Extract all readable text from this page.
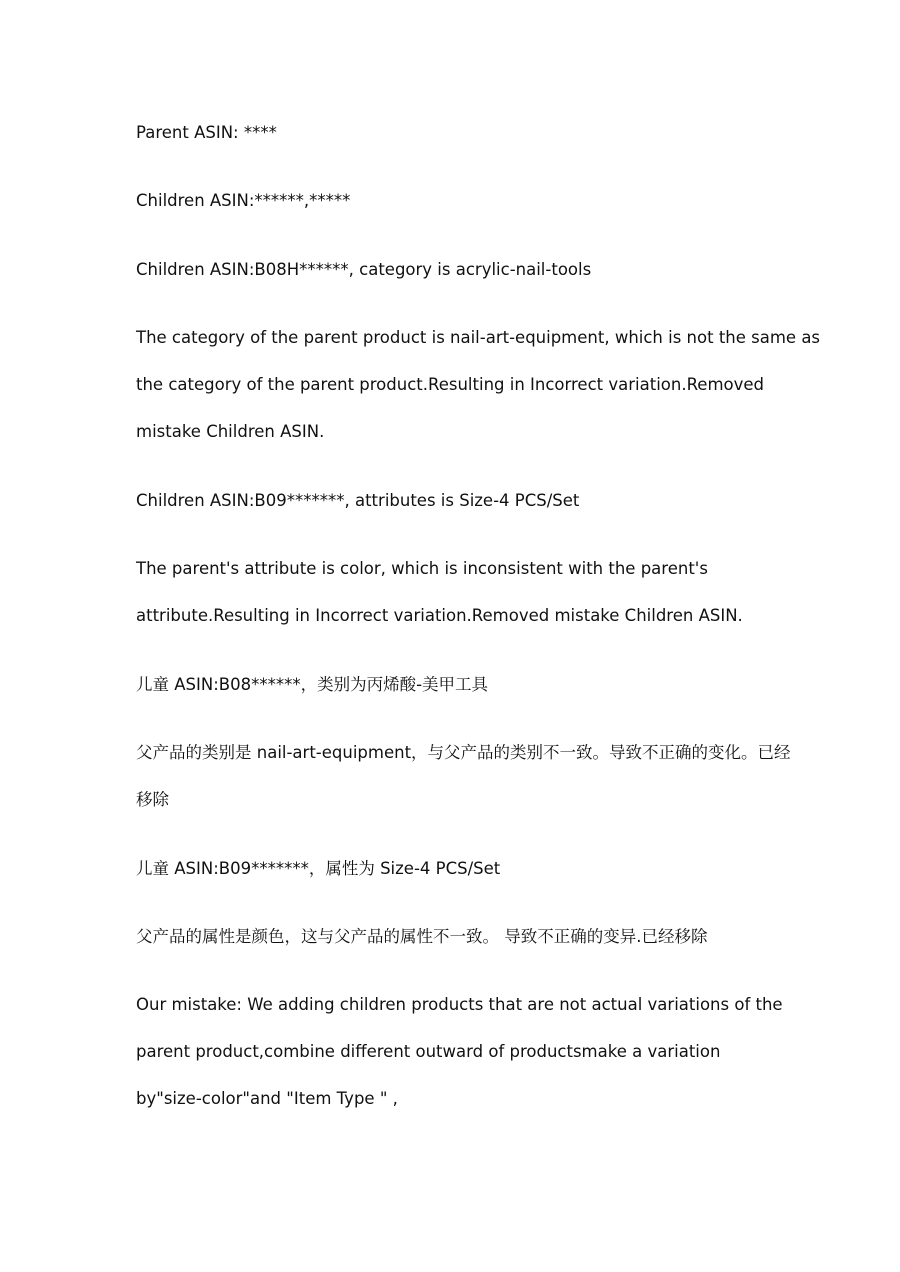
Parent ASIN: ****

Children ASIN:******,*****

Children ASIN:B08H******, category is acrylic-nail-tools

The category of the parent product is nail-art-equipment, which is not the same as
the category of the parent product.Resulting in Incorrect variation.Removed
mistake Children ASIN.

Children ASIN:B09*******, attributes is Size-4 PCS/Set

The parent's attribute is color, which is inconsistent with the parent's
attribute.Resulting in Incorrect variation.Removed mistake Children ASIN.

儿童 ASIN:B08******，类别为丙烯酸-美甲工具

父产品的类别是 nail-art-equipment，与父产品的类别不一致。导致不正确的变化。已经
移除

儿童 ASIN:B09*******，属性为 Size-4 PCS/Set

父产品的属性是颜色，这与父产品的属性不一致。 导致不正确的变异.已经移除

Our mistake: We adding children products that are not actual variations of the
parent product,combine different outward of productsmake a variation
by"size-color"and "Item Type " ,
